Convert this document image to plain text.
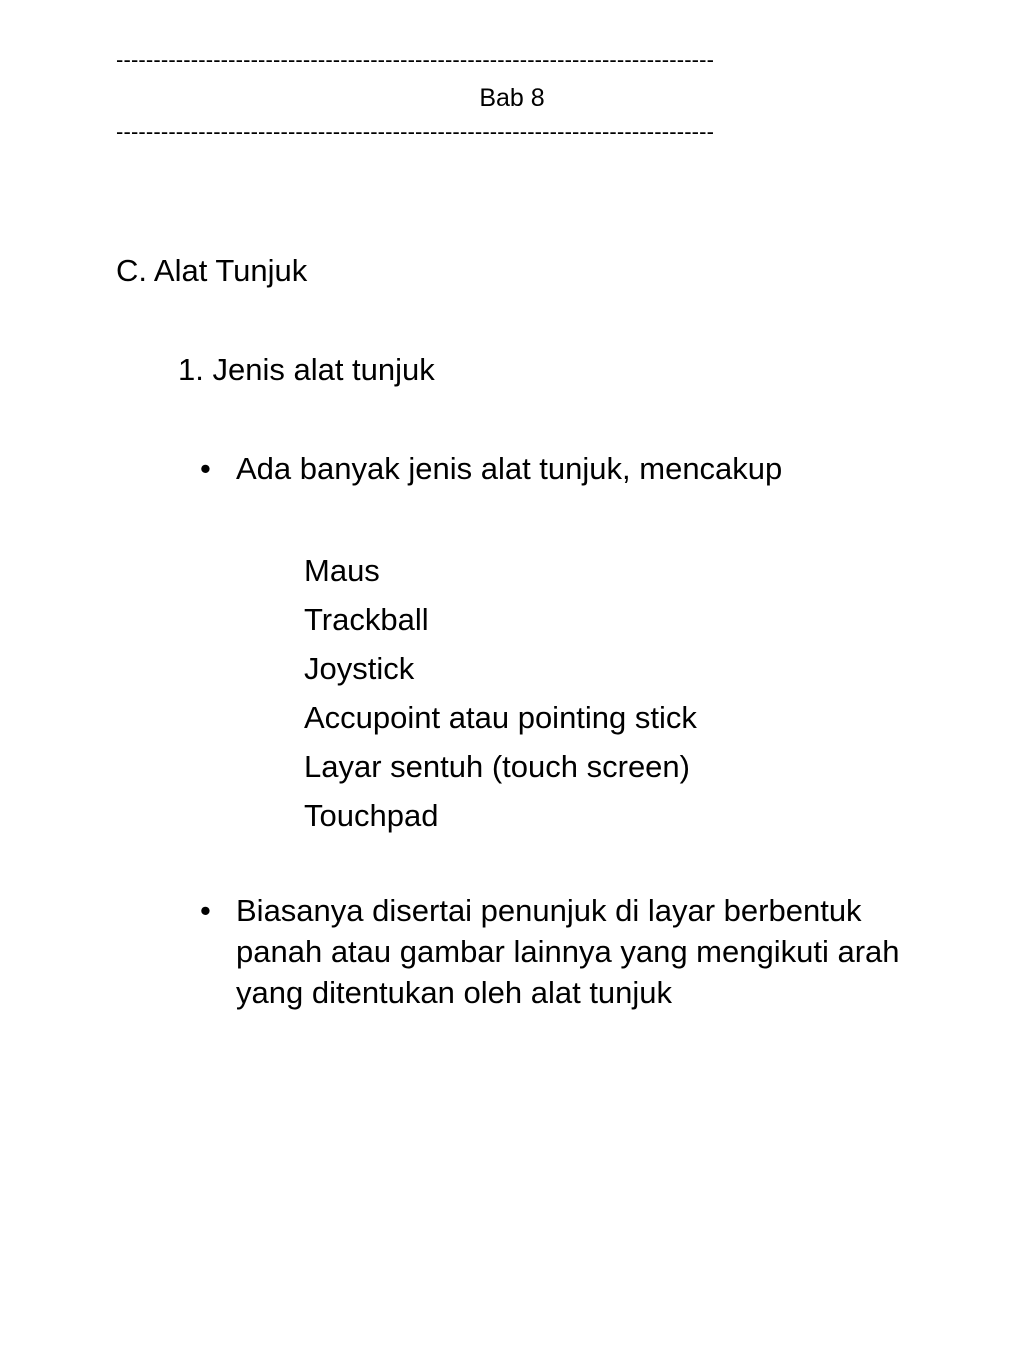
--------------------------------------------------------------------------------
Bab 8
--------------------------------------------------------------------------------
C. Alat Tunjuk
1. Jenis alat tunjuk
• Ada banyak jenis alat tunjuk, mencakup
Maus
Trackball
Joystick
Accupoint atau pointing stick
Layar sentuh (touch screen)
Touchpad
• Biasanya disertai penunjuk di layar berbentuk panah atau gambar lainnya yang mengikuti arah yang ditentukan oleh alat tunjuk
